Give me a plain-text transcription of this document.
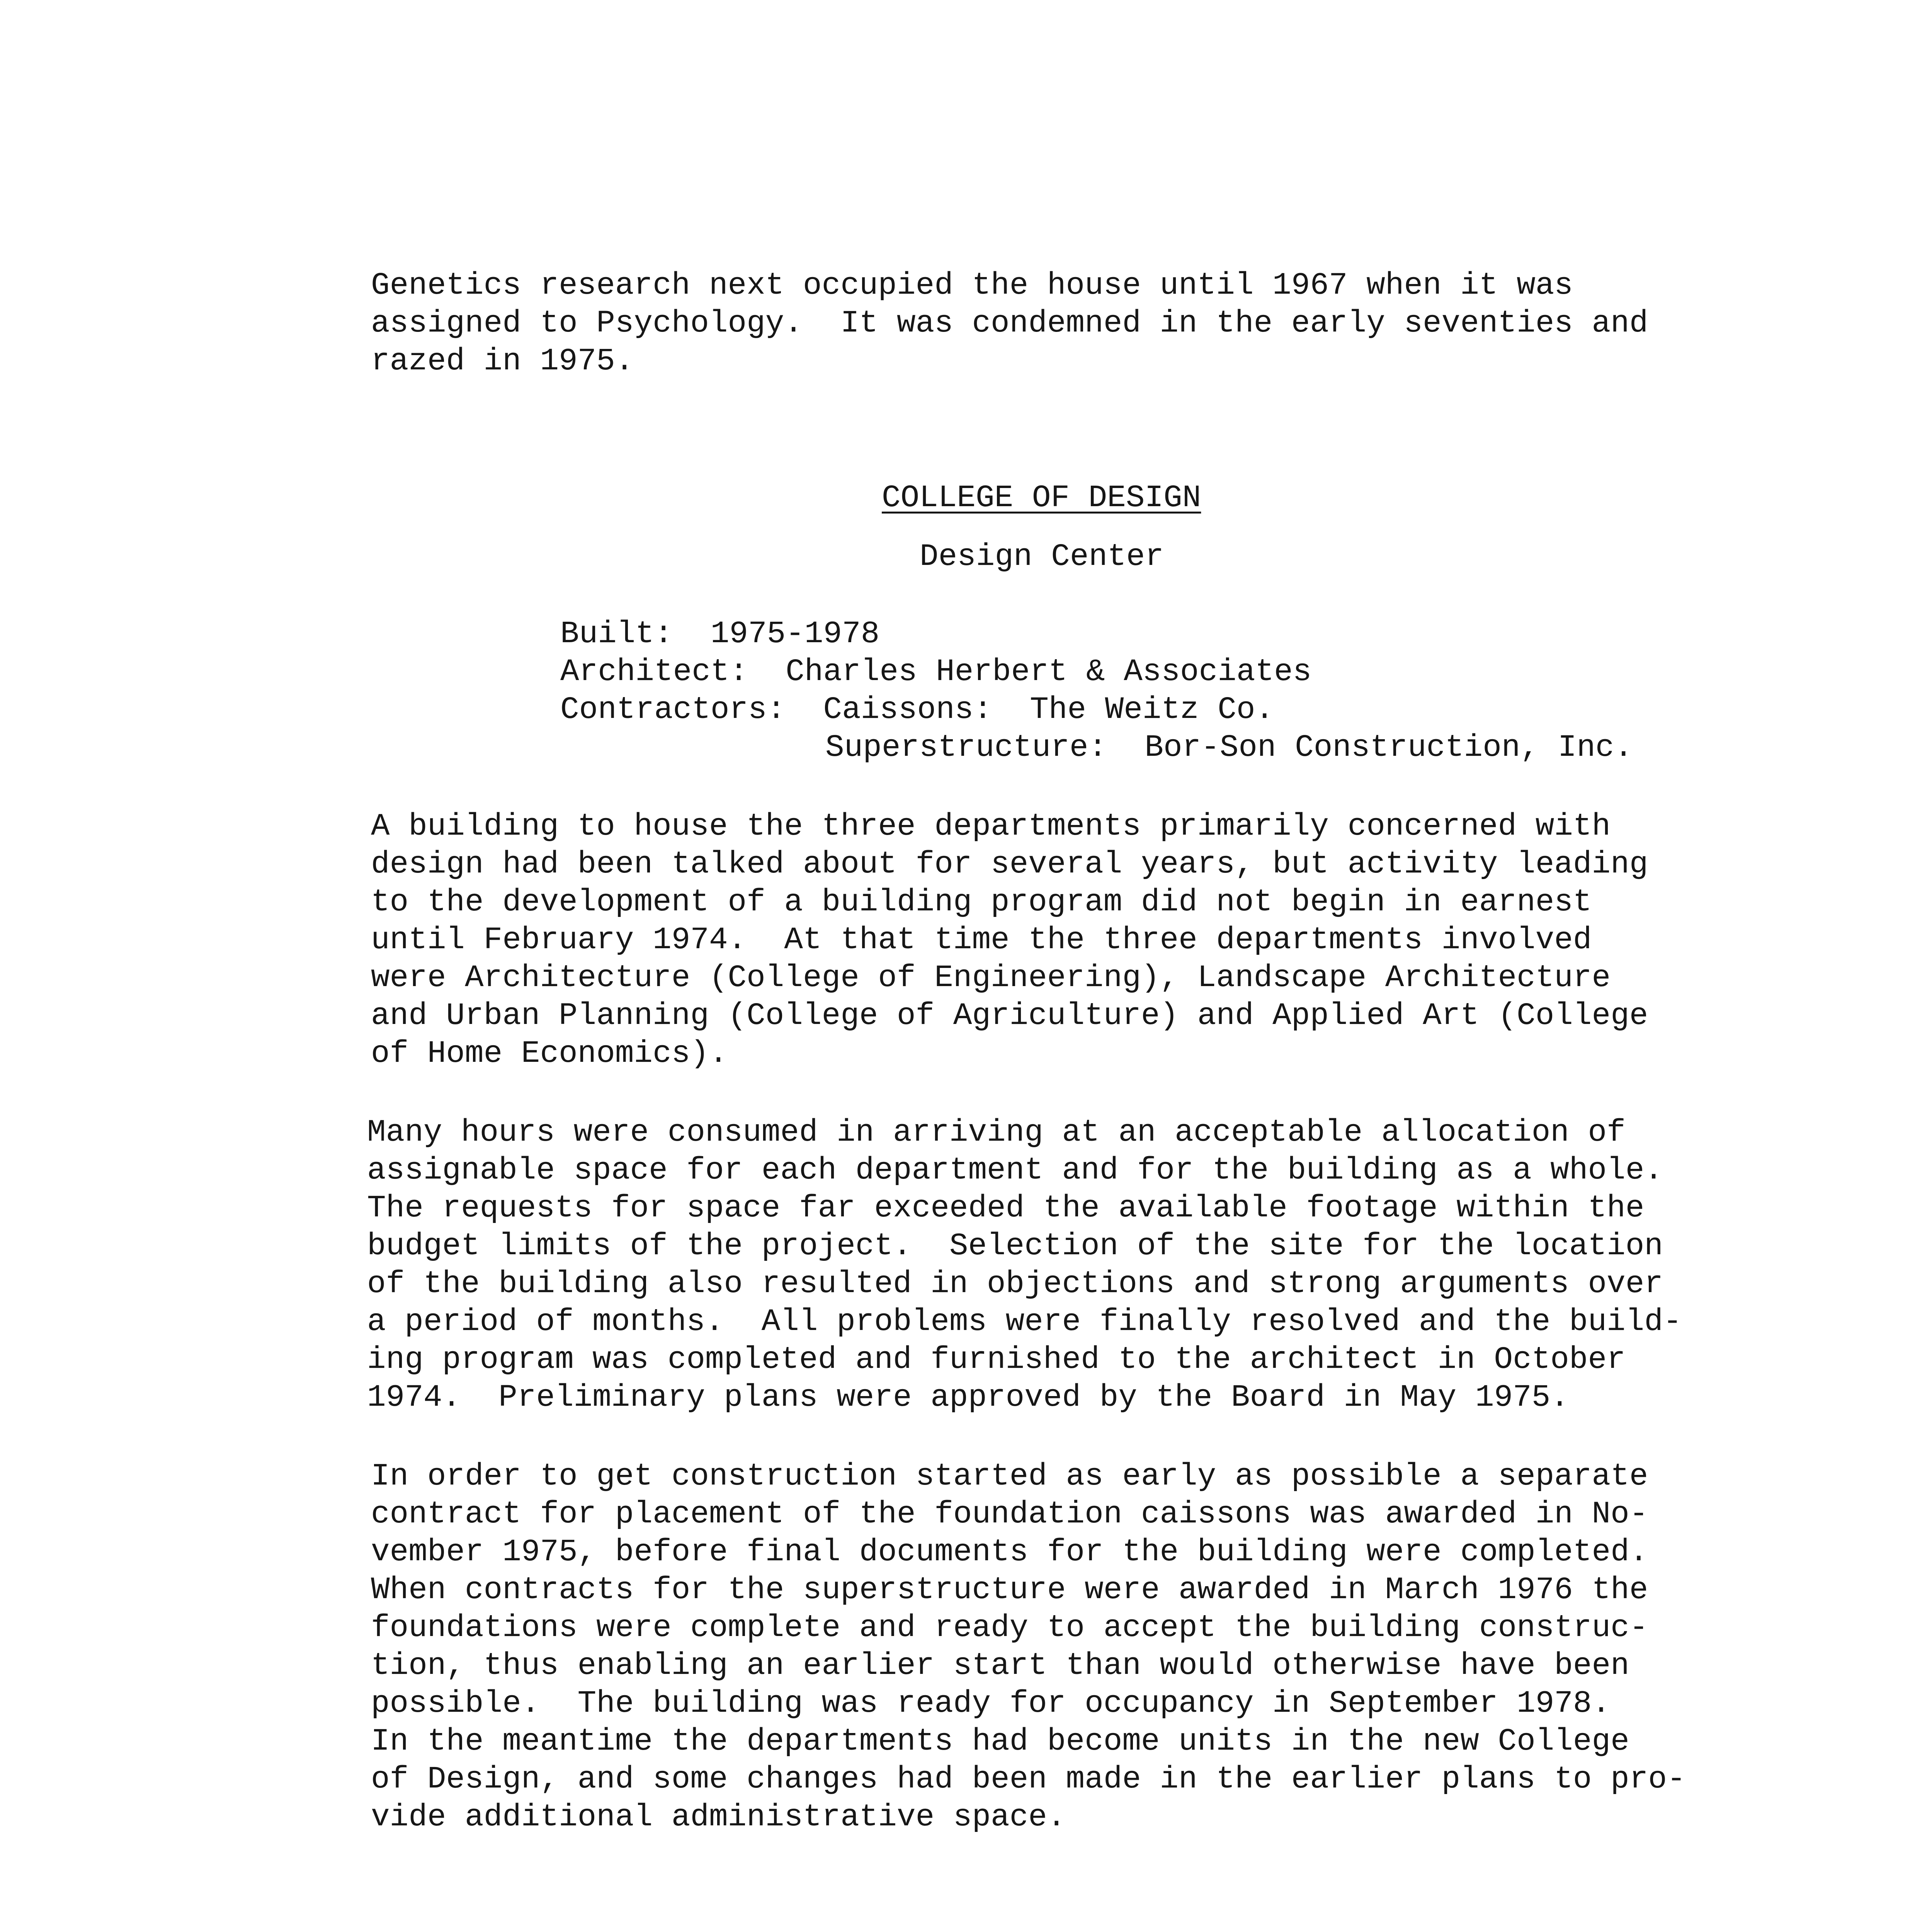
Genetics research next occupied the house until 1967 when it was
assigned to Psychology.  It was condemned in the early seventies and
razed in 1975.
COLLEGE OF DESIGN
Design Center
Built:  1975-1978
Architect:  Charles Herbert & Associates
Contractors:  Caissons:  The Weitz Co.
Superstructure:  Bor-Son Construction, Inc.
A building to house the three departments primarily concerned with
design had been talked about for several years, but activity leading
to the development of a building program did not begin in earnest
until February 1974.  At that time the three departments involved
were Architecture (College of Engineering), Landscape Architecture
and Urban Planning (College of Agriculture) and Applied Art (College
of Home Economics).
Many hours were consumed in arriving at an acceptable allocation of
assignable space for each department and for the building as a whole.
The requests for space far exceeded the available footage within the
budget limits of the project.  Selection of the site for the location
of the building also resulted in objections and strong arguments over
a period of months.  All problems were finally resolved and the build-
ing program was completed and furnished to the architect in October
1974.  Preliminary plans were approved by the Board in May 1975.
In order to get construction started as early as possible a separate
contract for placement of the foundation caissons was awarded in No-
vember 1975, before final documents for the building were completed.
When contracts for the superstructure were awarded in March 1976 the
foundations were complete and ready to accept the building construc-
tion, thus enabling an earlier start than would otherwise have been
possible.  The building was ready for occupancy in September 1978.
In the meantime the departments had become units in the new College
of Design, and some changes had been made in the earlier plans to pro-
vide additional administrative space.
